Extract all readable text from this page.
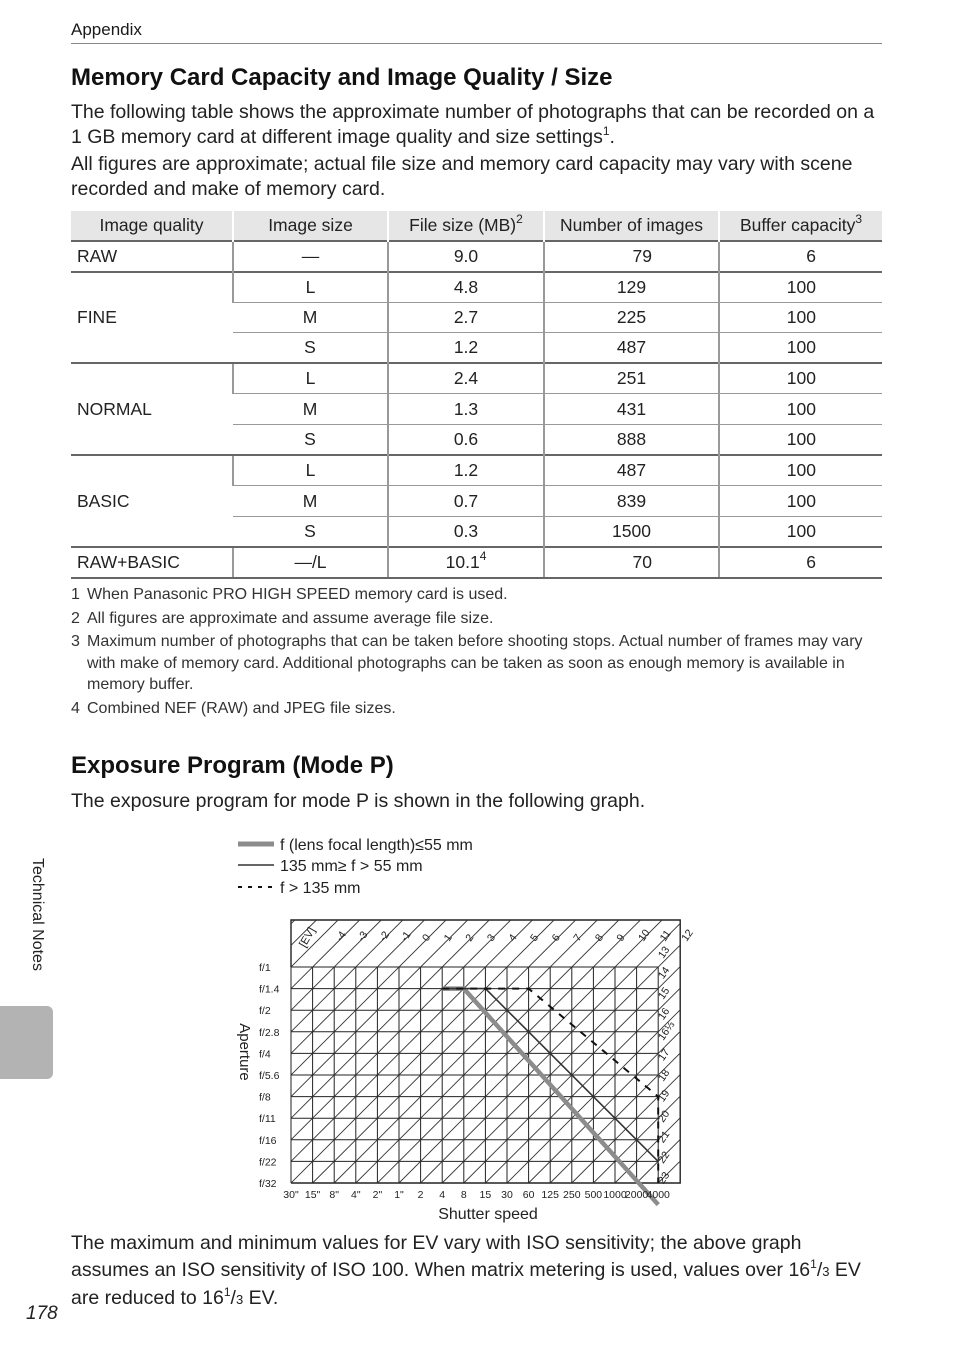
Appendix
Memory Card Capacity and Image Quality / Size
The following table shows the approximate number of photographs that can be recorded on a 1 GB memory card at different image quality and size settings$^1$.
All figures are approximate; actual file size and memory card capacity may vary with scene recorded and make of memory card.
Image quality	Image size	File size (MB)$^2$	Number of images	Buffer capacity$^3$
RAW	—	9.0	79	6
FINE	L	4.8	129	100
	M	2.7	225	100
	S	1.2	487	100
NORMAL	L	2.4	251	100
	M	1.3	431	100
	S	0.6	888	100
BASIC	L	1.2	487	100
	M	0.7	839	100
	S	0.3	1500	100
RAW+BASIC	—/L	10.1$^4$	70	6
1 When Panasonic PRO HIGH SPEED memory card is used.
2 All figures are approximate and assume average file size.
3 Maximum number of photographs that can be taken before shooting stops. Actual number of frames may vary with make of memory card. Additional photographs can be taken as soon as enough memory is available in memory buffer.
4 Combined NEF (RAW) and JPEG file sizes.
Exposure Program (Mode P)
The exposure program for mode P is shown in the following graph.
f (lens focal length)≤55 mm
135 mm≥ f > 55 mm
f > 135 mm
f/1
f/1.4
f/2
f/2.8
f/4
f/5.6
f/8
f/11
f/16
f/22
f/32
30" 15" 8" 4" 2" 1" 2 4 8 15 30 60 125 250 500 1000
2000
4000
[EV] -4 -3 -2 -1 0 1 2 3 4 5 6 7 8 9 10 11 12
13
14
15
16
16⅓
17
18
19
20
21
22
23
Shutter speed
Aperture
The maximum and minimum values for EV vary with ISO sensitivity; the above graph assumes an ISO sensitivity of ISO 100. When matrix metering is used, values over $16^1/3$ EV are reduced to $16^1/3$ EV.
Technical Notes
178
